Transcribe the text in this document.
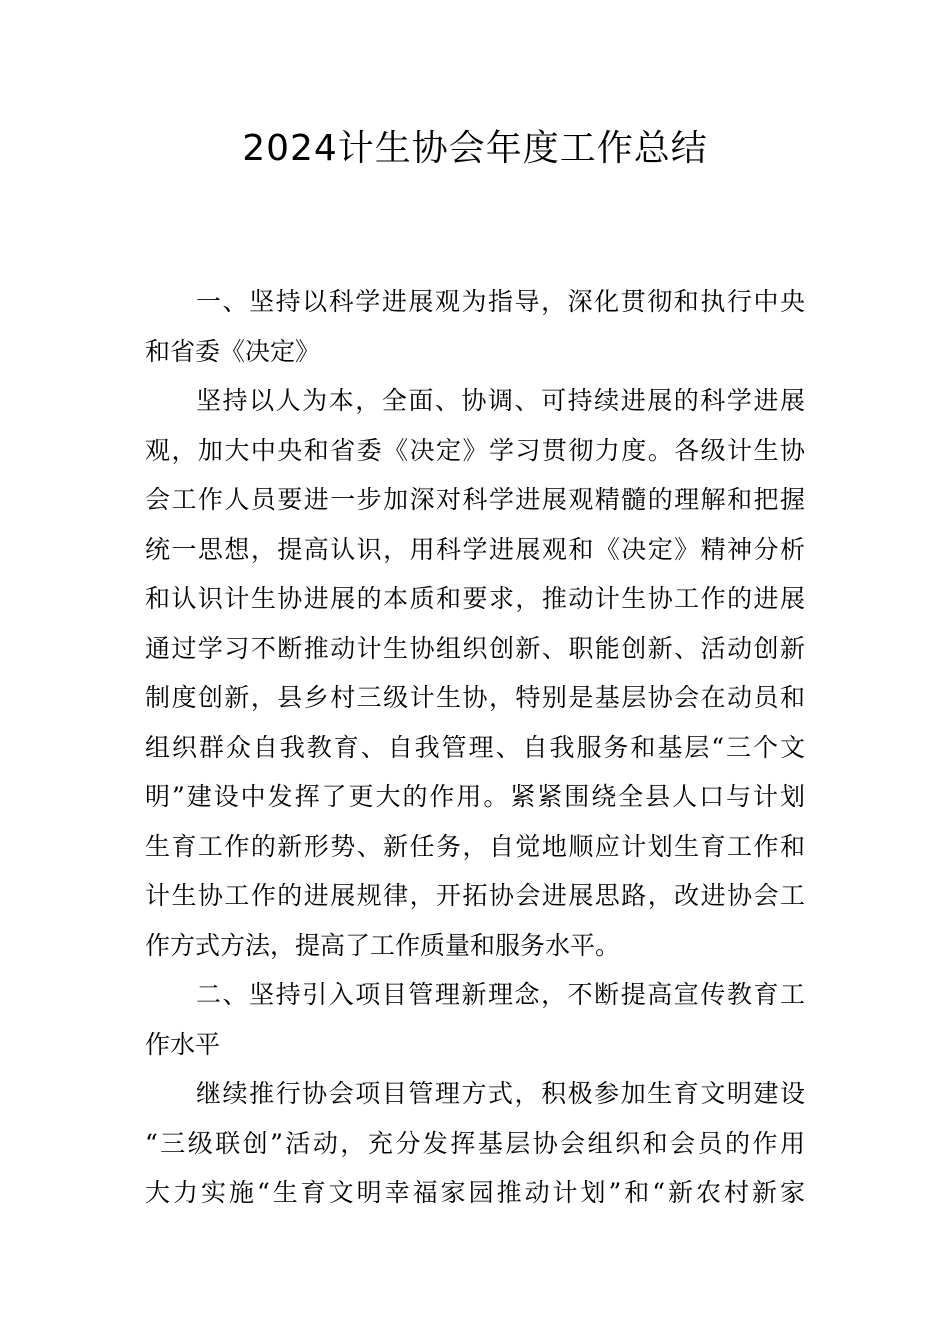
2024计生协会年度工作总结
一、坚持以科学进展观为指导，深化贯彻和执行中央
和省委《决定》
坚持以人为本，全面、协调、可持续进展的科学进展
观，加大中央和省委《决定》学习贯彻力度。各级计生协
会工作人员要进一步加深对科学进展观精髓的理解和把握
统一思想，提高认识，用科学进展观和《决定》精神分析
和认识计生协进展的本质和要求，推动计生协工作的进展
通过学习不断推动计生协组织创新、职能创新、活动创新
制度创新，县乡村三级计生协，特别是基层协会在动员和
组织群众自我教育、自我管理、自我服务和基层“三个文
明”建设中发挥了更大的作用。紧紧围绕全县人口与计划
生育工作的新形势、新任务，自觉地顺应计划生育工作和
计生协工作的进展规律，开拓协会进展思路，改进协会工
作方式方法，提高了工作质量和服务水平。
二、坚持引入项目管理新理念，不断提高宣传教育工
作水平
继续推行协会项目管理方式，积极参加生育文明建设
“三级联创”活动，充分发挥基层协会组织和会员的作用
大力实施“生育文明幸福家园推动计划”和“新农村新家
